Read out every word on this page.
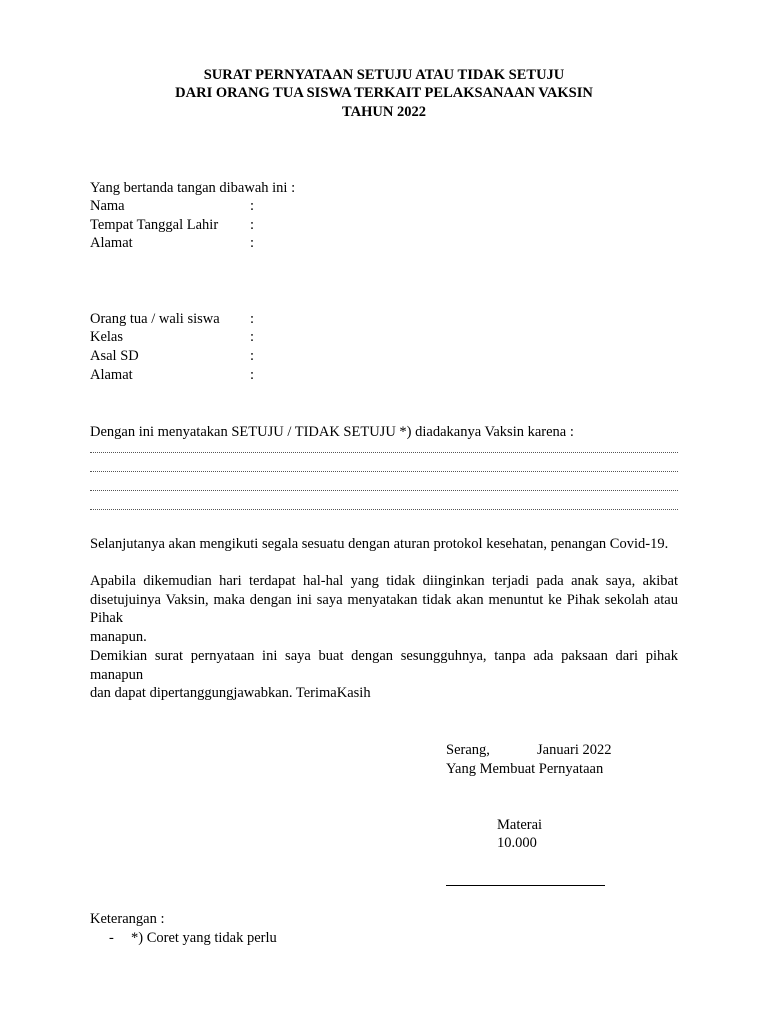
SURAT PERNYATAAN SETUJU ATAU TIDAK SETUJU
DARI ORANG TUA SISWA TERKAIT PELAKSANAAN VAKSIN
TAHUN 2022
Yang bertanda tangan dibawah ini :
Nama	:
Tempat Tanggal Lahir :
Alamat	:
Orang tua / wali siswa :
Kelas	:
Asal SD	:
Alamat	:
Dengan ini menyatakan SETUJU / TIDAK SETUJU *) diadakanya Vaksin karena :
Selanjutanya akan mengikuti segala sesuatu dengan aturan protokol kesehatan, penangan Covid-19.
Apabila dikemudian hari terdapat hal-hal yang tidak diinginkan terjadi pada anak saya, akibat disetujuinya Vaksin, maka dengan ini saya menyatakan tidak akan menuntut ke Pihak sekolah atau Pihak
manapun.
Demikian surat pernyataan ini saya buat dengan sesungguhnya, tanpa ada paksaan dari pihak manapun
dan dapat dipertanggungjawabkan. TerimaKasih
Serang,	Januari 2022
Yang Membuat Pernyataan
Materai
10.000
Keterangan :
- *) Coret yang tidak perlu
